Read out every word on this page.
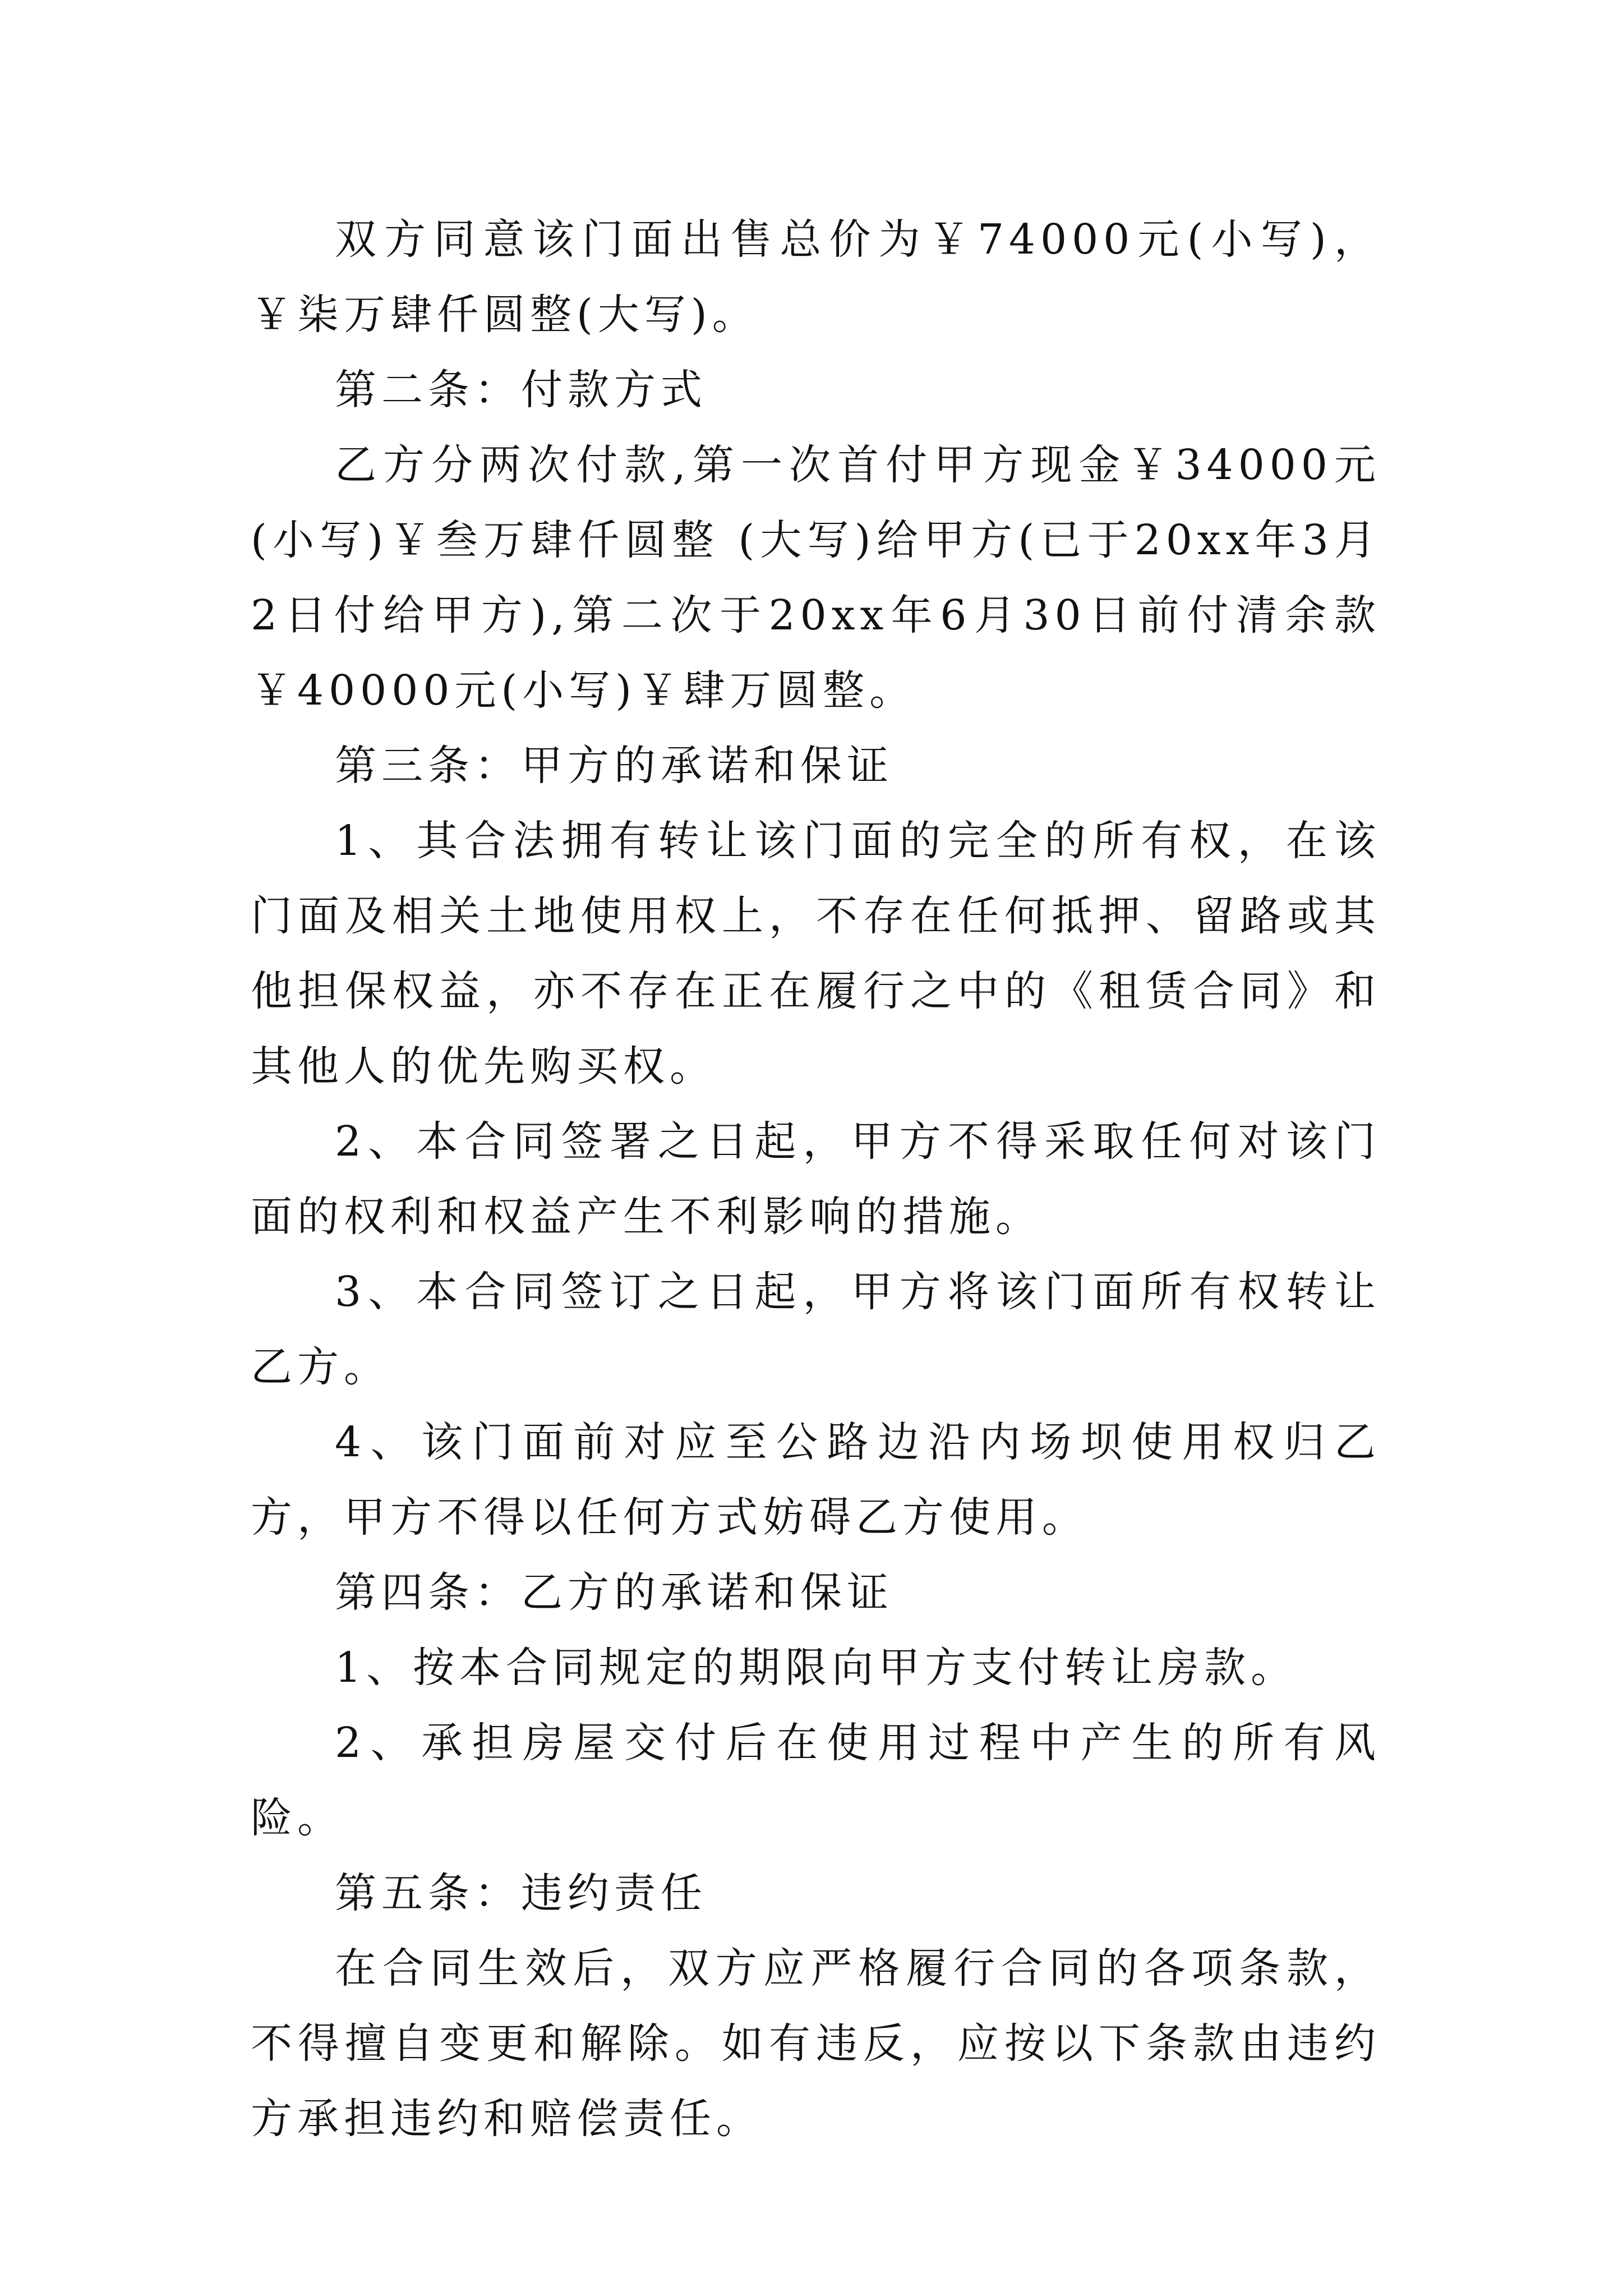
双方同意该门面出售总价为￥74000元(小写)，￥柒万肆仟圆整(大写)。

第二条：付款方式

乙方分两次付款,第一次首付甲方现金￥34000元(小写)￥叁万肆仟圆整 (大写)给甲方(已于20xx年3月2日付给甲方),第二次于20xx年6月30日前付清余款￥40000元(小写)￥肆万圆整。

第三条：甲方的承诺和保证

1、其合法拥有转让该门面的完全的所有权，在该门面及相关土地使用权上，不存在任何抵押、留路或其他担保权益，亦不存在正在履行之中的《租赁合同》和其他人的优先购买权。

2、本合同签署之日起，甲方不得采取任何对该门面的权利和权益产生不利影响的措施。

3、本合同签订之日起，甲方将该门面所有权转让乙方。

4、该门面前对应至公路边沿内场坝使用权归乙方，甲方不得以任何方式妨碍乙方使用。

第四条：乙方的承诺和保证

1、按本合同规定的期限向甲方支付转让房款。

2、承担房屋交付后在使用过程中产生的所有风险。

第五条：违约责任

在合同生效后，双方应严格履行合同的各项条款，不得擅自变更和解除。如有违反，应按以下条款由违约方承担违约和赔偿责任。
